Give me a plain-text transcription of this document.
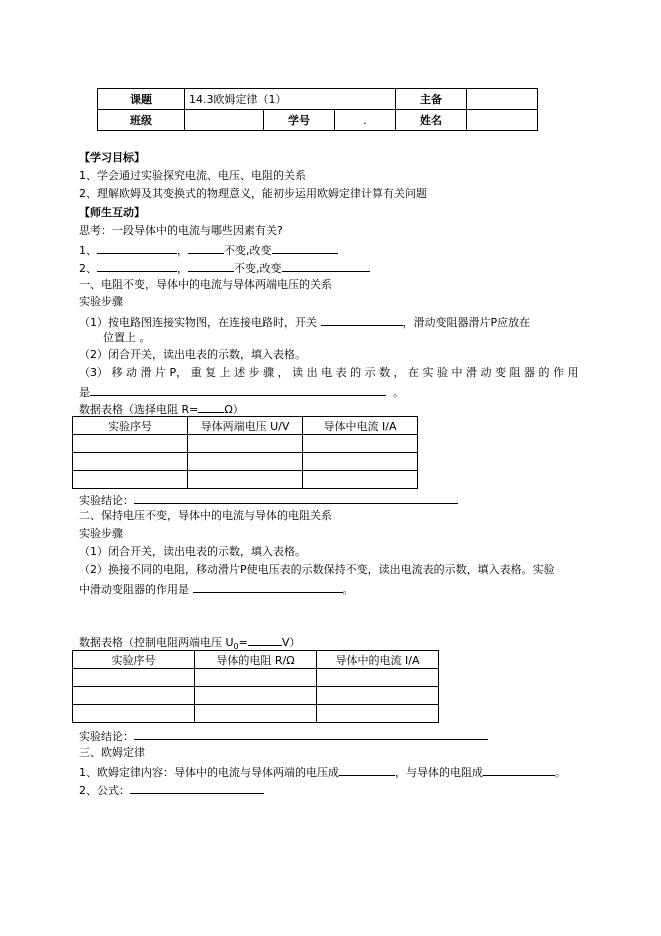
课题	14.3欧姆定律（1）			主备	
班级		学号	.	姓名	
【学习目标】
1、学会通过实验探究电流、电压、电阻的关系
2、理解欧姆及其变换式的物理意义，能初步运用欧姆定律计算有关问题
【师生互动】
思考：一段导体中的电流与哪些因素有关?
1、	，	不变,改变
2、	，	不变,改变
一、电阻不变，导体中的电流与导体两端电压的关系
实验步骤
（1）按电路图连接实物图，在连接电路时，开关	，滑动变阻器滑片P应放在
位置上 。
（2）闭合开关，读出电表的示数，填入表格。
（3） 移 动 滑 片 P， 重 复 上 述 步 骤 ， 读 出 电 表 的 示 数 ， 在 实 验 中 滑 动 变 阻 器 的 作 用
是	。
数据表格（选择电阻 R= Ω）
实验序号	导体两端电压 U/V	导体中电流 I/A

实验结论：
二、保持电压不变，导体中的电流与导体的电阻关系
实验步骤
（1）闭合开关，读出电表的示数，填入表格。
（2）换接不同的电阻，移动滑片P使电压表的示数保持不变，读出电流表的示数，填入表格。实验
中滑动变阻器的作用是	。
数据表格（控制电阻两端电压 $U_0=$	V）
实验序号	导体的电阻 R/Ω	导体中的电流 I/A

实验结论：
三、欧姆定律
1、欧姆定律内容：导体中的电流与导体两端的电压成	，与导体的电阻成	。
2、公式：
